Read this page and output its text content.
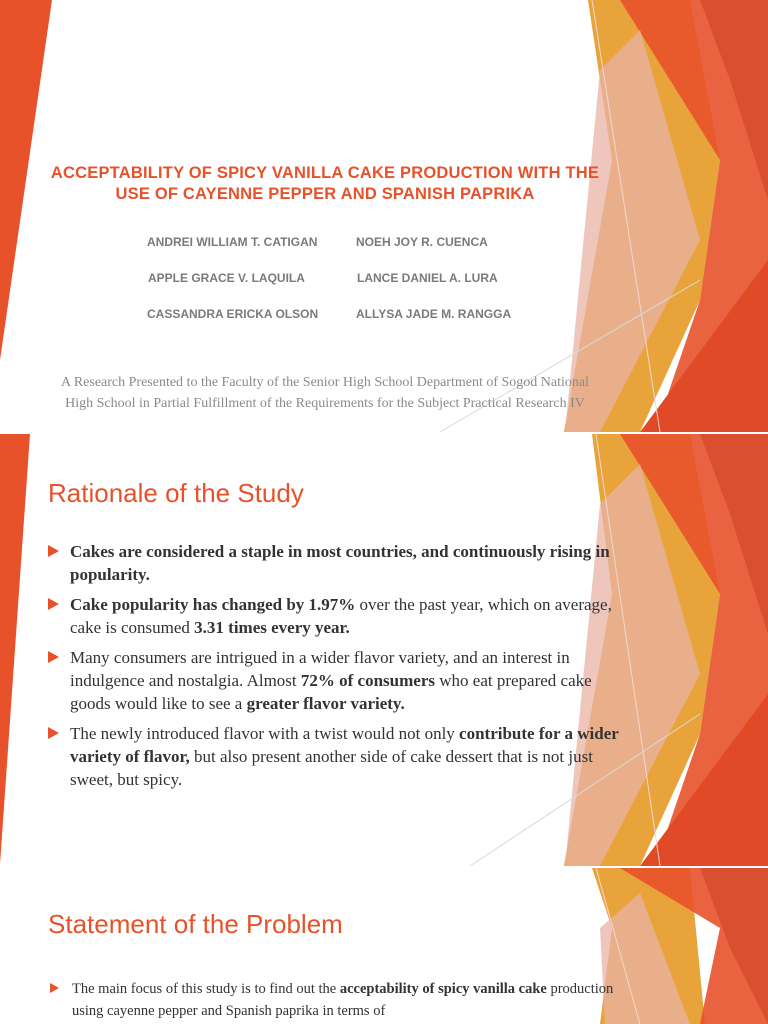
ACCEPTABILITY OF SPICY VANILLA CAKE PRODUCTION WITH THE USE OF CAYENNE PEPPER AND SPANISH PAPRIKA
ANDREI WILLIAM T. CATIGAN	NOEH JOY R. CUENCA
APPLE GRACE V. LAQUILA	LANCE DANIEL A. LURA
CASSANDRA ERICKA OLSON	ALLYSA JADE M. RANGGA
A Research Presented to the Faculty of the Senior High School Department of Sogod National High School in Partial Fulfillment of the Requirements for the Subject Practical Research IV
Rationale of the Study
Cakes are considered a staple in most countries, and continuously rising in popularity.
Cake popularity has changed by 1.97% over the past year, which on average, cake is consumed 3.31 times every year.
Many consumers are intrigued in a wider flavor variety, and an interest in indulgence and nostalgia. Almost 72% of consumers who eat prepared cake goods would like to see a greater flavor variety.
The newly introduced flavor with a twist would not only contribute for a wider variety of flavor, but also present another side of cake dessert that is not just sweet, but spicy.
Statement of the Problem
The main focus of this study is to find out the acceptability of spicy vanilla cake production using cayenne pepper and Spanish paprika in terms of
